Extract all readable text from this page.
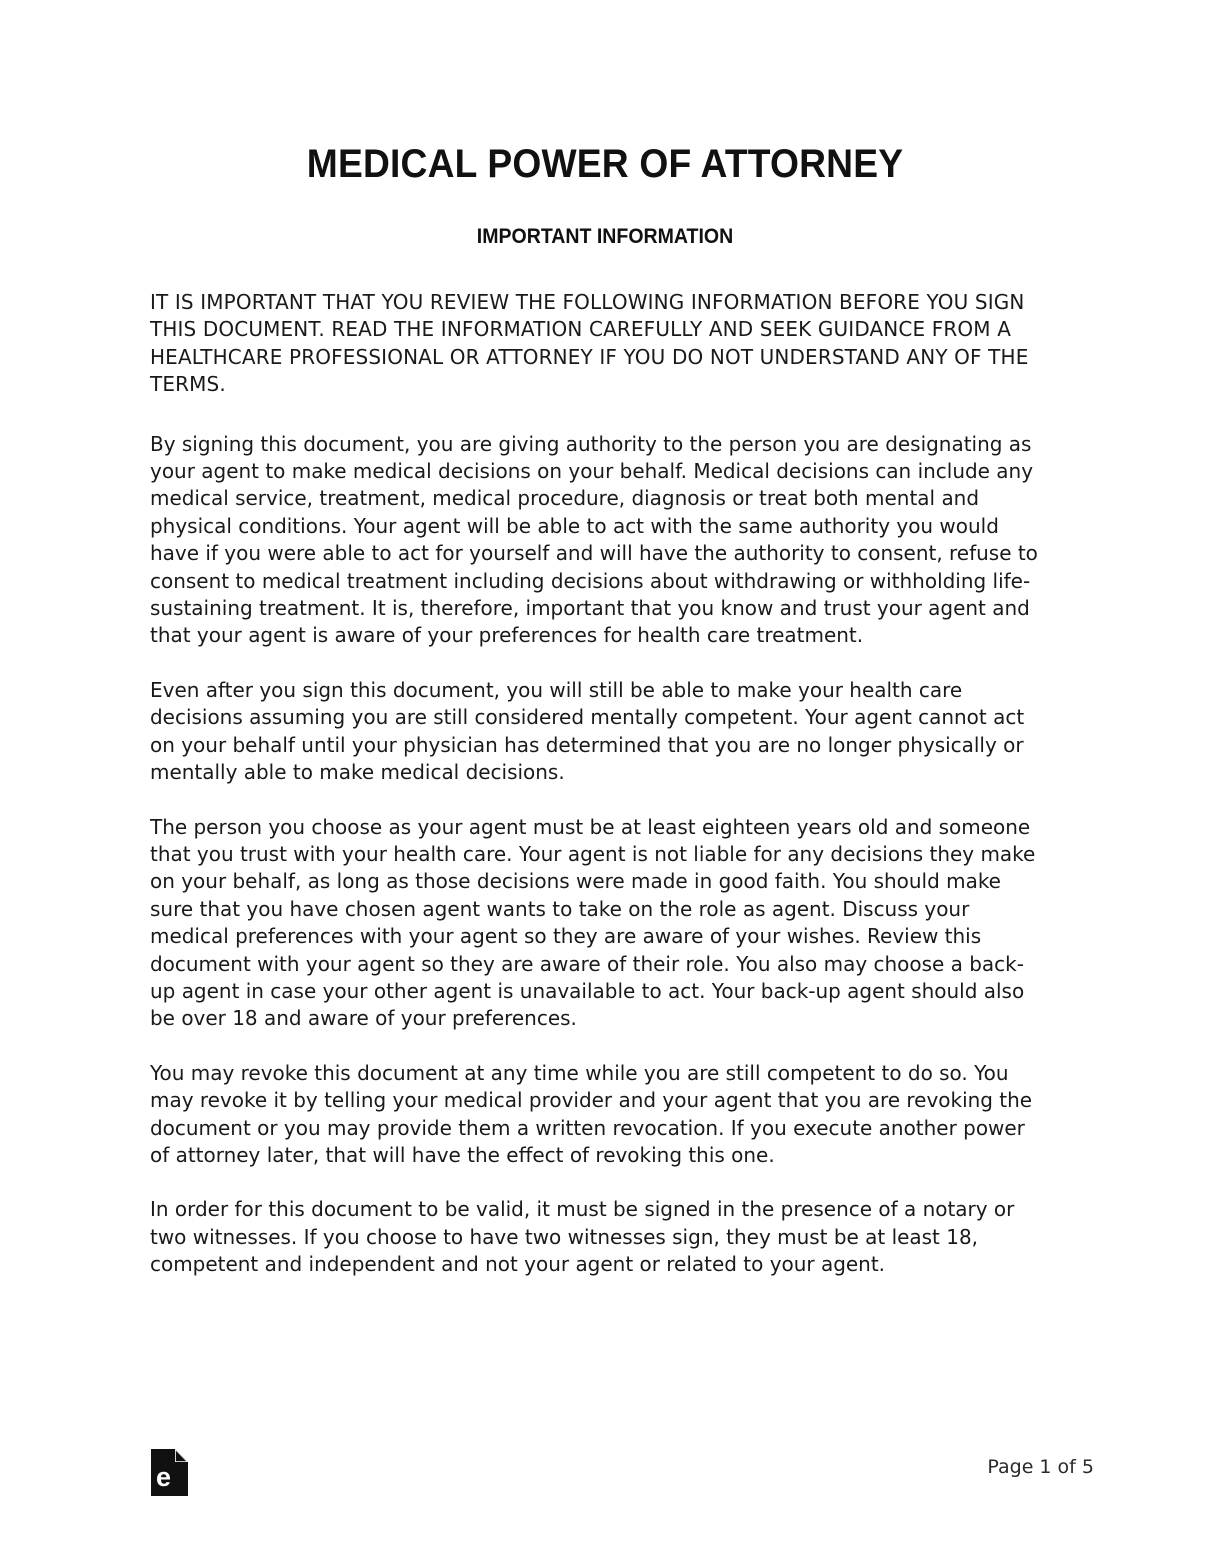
MEDICAL POWER OF ATTORNEY
IMPORTANT INFORMATION

IT IS IMPORTANT THAT YOU REVIEW THE FOLLOWING INFORMATION BEFORE YOU SIGN THIS DOCUMENT. READ THE INFORMATION CAREFULLY AND SEEK GUIDANCE FROM A HEALTHCARE PROFESSIONAL OR ATTORNEY IF YOU DO NOT UNDERSTAND ANY OF THE TERMS.

By signing this document, you are giving authority to the person you are designating as your agent to make medical decisions on your behalf. Medical decisions can include any medical service, treatment, medical procedure, diagnosis or treat both mental and physical conditions. Your agent will be able to act with the same authority you would have if you were able to act for yourself and will have the authority to consent, refuse to consent to medical treatment including decisions about withdrawing or withholding life-sustaining treatment. It is, therefore, important that you know and trust your agent and that your agent is aware of your preferences for health care treatment.

Even after you sign this document, you will still be able to make your health care decisions assuming you are still considered mentally competent. Your agent cannot act on your behalf until your physician has determined that you are no longer physically or mentally able to make medical decisions.

The person you choose as your agent must be at least eighteen years old and someone that you trust with your health care. Your agent is not liable for any decisions they make on your behalf, as long as those decisions were made in good faith. You should make sure that you have chosen agent wants to take on the role as agent. Discuss your medical preferences with your agent so they are aware of your wishes. Review this document with your agent so they are aware of their role. You also may choose a back-up agent in case your other agent is unavailable to act. Your back-up agent should also be over 18 and aware of your preferences.

You may revoke this document at any time while you are still competent to do so. You may revoke it by telling your medical provider and your agent that you are revoking the document or you may provide them a written revocation. If you execute another power of attorney later, that will have the effect of revoking this one.

In order for this document to be valid, it must be signed in the presence of a notary or two witnesses. If you choose to have two witnesses sign, they must be at least 18, competent and independent and not your agent or related to your agent.

e	Page 1 of 5
